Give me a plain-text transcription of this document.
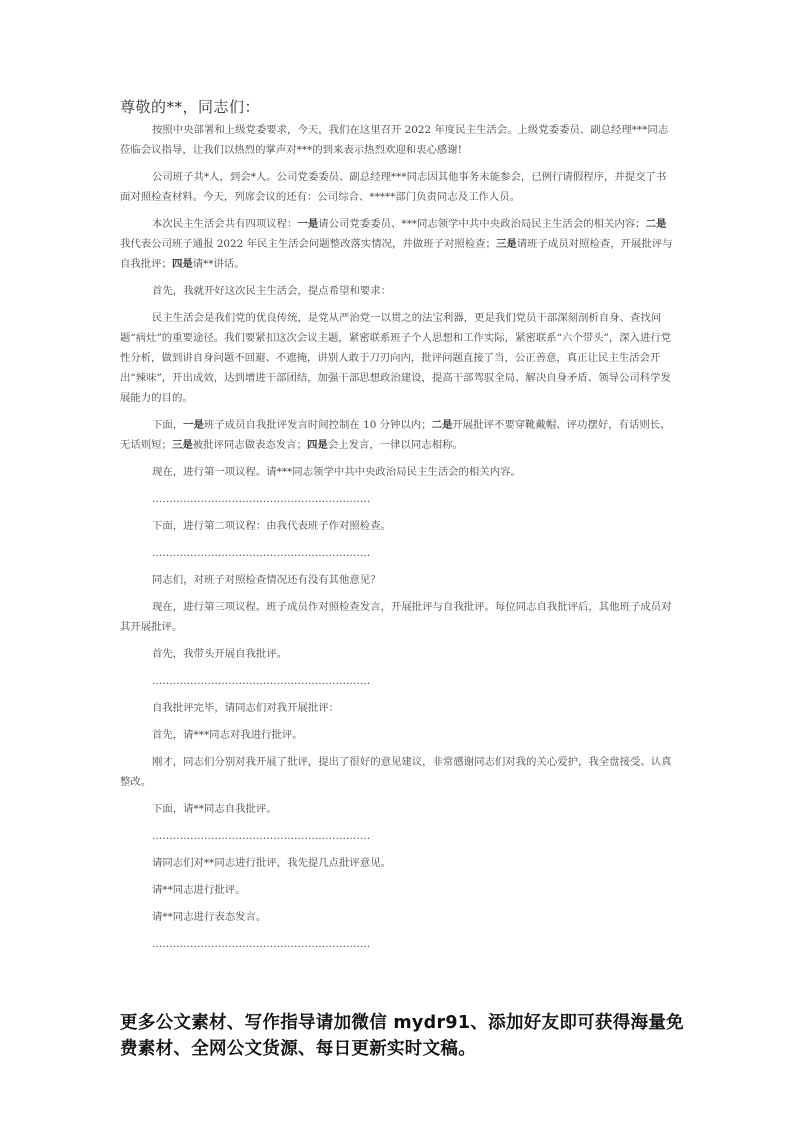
尊敬的**，同志们：

按照中央部署和上级党委要求，今天，我们在这里召开 2022 年度民主生活会。上级党委委员、副总经理***同志莅临会议指导，让我们以热烈的掌声对***的到来表示热烈欢迎和衷心感谢!

公司班子共*人，到会*人。公司党委委员、副总经理***同志因其他事务未能参会，已例行请假程序，并提交了书面对照检查材料。今天，列席会议的还有：公司综合、*****部门负责同志及工作人员。

本次民主生活会共有四项议程：一是请公司党委委员、***同志领学中共中央政治局民主生活会的相关内容；二是我代表公司班子通报 2022 年民主生活会问题整改落实情况，并做班子对照检查；三是请班子成员对照检查，开展批评与自我批评；四是请**讲话。

首先，我就开好这次民主生活会，提点希望和要求：

民主生活会是我们党的优良传统，是党从严治党一以贯之的法宝利器，更是我们党员干部深刻剖析自身、查找问题“病灶”的重要途径。我们要紧扣这次会议主题，紧密联系班子个人思想和工作实际，紧密联系“六个带头”，深入进行党性分析，做到讲自身问题不回避、不遮掩，讲别人敢于刀刃向内，批评问题直接了当，公正善意，真正让民主生活会开出“辣味”，开出成效，达到增进干部团结，加强干部思想政治建设，提高干部驾驭全局、解决自身矛盾、领导公司科学发展能力的目的。

下面，一是班子成员自我批评发言时间控制在 10 分钟以内；二是开展批评不要穿靴戴帽、评功摆好，有话则长、无话则短；三是被批评同志做表态发言；四是会上发言，一律以同志相称。

现在，进行第一项议程。请***同志领学中共中央政治局民主生活会的相关内容。

………………………………………………………

下面，进行第二项议程：由我代表班子作对照检查。

………………………………………………………

同志们，对班子对照检查情况还有没有其他意见？

现在，进行第三项议程。班子成员作对照检查发言，开展批评与自我批评。每位同志自我批评后，其他班子成员对其开展批评。

首先，我带头开展自我批评。

………………………………………………………

自我批评完毕，请同志们对我开展批评：

首先，请***同志对我进行批评。

刚才，同志们分别对我开展了批评，提出了很好的意见建议，非常感谢同志们对我的关心爱护，我全盘接受、认真整改。

下面，请**同志自我批评。

………………………………………………………

请同志们对**同志进行批评，我先提几点批评意见。

请**同志进行批评。

请**同志进行表态发言。

………………………………………………………

更多公文素材、写作指导请加微信 mydr91、添加好友即可获得海量免费素材、全网公文货源、每日更新实时文稿。
